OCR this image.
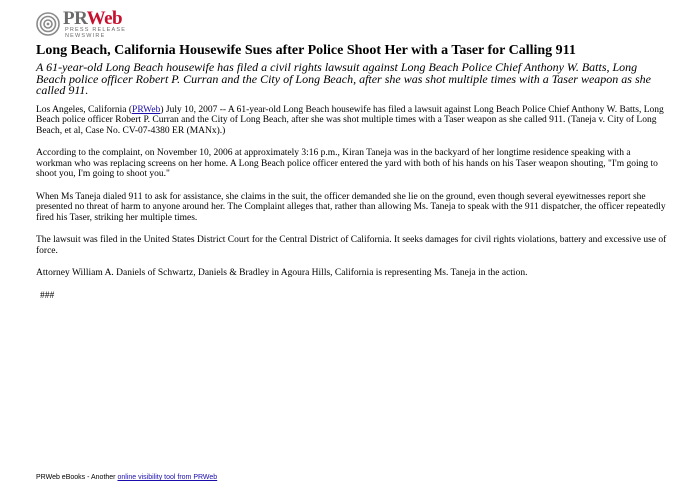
PRWeb
PRESS RELEASE
NEWSWIRE
Long Beach, California Housewife Sues after Police Shoot Her with a Taser for Calling 911

A 61-year-old Long Beach housewife has filed a civil rights lawsuit against Long Beach Police Chief Anthony W. Batts, Long Beach police officer Robert P. Curran and the City of Long Beach, after she was shot multiple times with a Taser weapon as she called 911.

Los Angeles, California (PRWeb) July 10, 2007 -- A 61-year-old Long Beach housewife has filed a lawsuit against Long Beach Police Chief Anthony W. Batts, Long Beach police officer Robert P. Curran and the City of Long Beach, after she was shot multiple times with a Taser weapon as she called 911. (Taneja v. City of Long Beach, et al, Case No. CV-07-4380 ER (MANx).)

According to the complaint, on November 10, 2006 at approximately 3:16 p.m., Kiran Taneja was in the backyard of her longtime residence speaking with a workman who was replacing screens on her home. A Long Beach police officer entered the yard with both of his hands on his Taser weapon shouting, "I'm going to shoot you, I'm going to shoot you."

When Ms Taneja dialed 911 to ask for assistance, she claims in the suit, the officer demanded she lie on the ground, even though several eyewitnesses report she presented no threat of harm to anyone around her. The Complaint alleges that, rather than allowing Ms. Taneja to speak with the 911 dispatcher, the officer repeatedly fired his Taser, striking her multiple times.

The lawsuit was filed in the United States District Court for the Central District of California. It seeks damages for civil rights violations, battery and excessive use of force.

Attorney William A. Daniels of Schwartz, Daniels & Bradley in Agoura Hills, California is representing Ms. Taneja in the action.

###

PRWeb eBooks - Another online visibility tool from PRWeb
